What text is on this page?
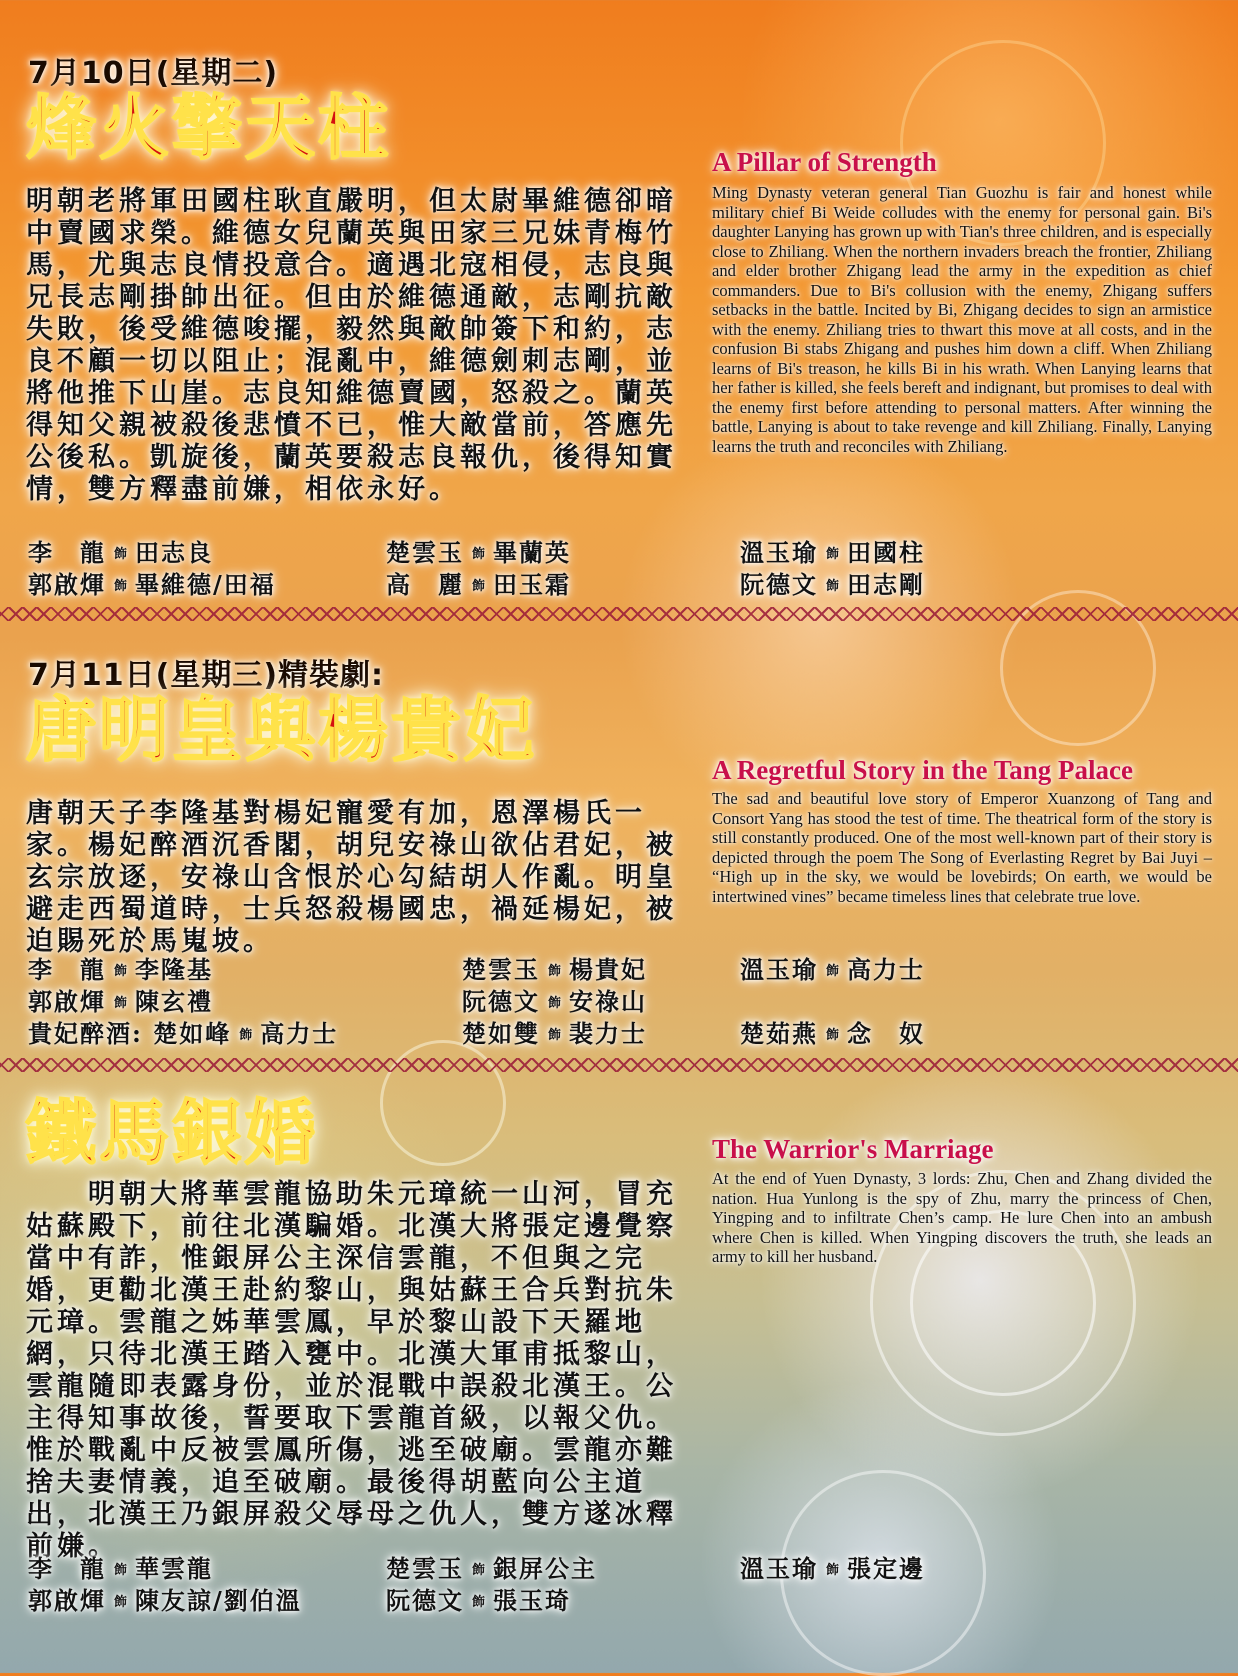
7月10日(星期二)
烽火擎天柱
明朝老將軍田國柱耿直嚴明，但太尉畢維德卻暗中賣國求榮。維德女兒蘭英與田家三兄妹青梅竹馬，尤與志良情投意合。適遇北寇相侵，志良與兄長志剛掛帥出征。但由於維德通敵，志剛抗敵失敗，後受維德唆擺，毅然與敵帥簽下和約，志良不顧一切以阻止；混亂中，維德劍刺志剛，並將他推下山崖。志良知維德賣國，怒殺之。蘭英得知父親被殺後悲憤不已，惟大敵當前，答應先公後私。凱旋後，蘭英要殺志良報仇，後得知實情，雙方釋盡前嫌，相依永好。
A Pillar of Strength
Ming Dynasty veteran general Tian Guozhu is fair and honest while military chief Bi Weide colludes with the enemy for personal gain. Bi's daughter Lanying has grown up with Tian's three children, and is especially close to Zhiliang. When the northern invaders breach the frontier, Zhiliang and elder brother Zhigang lead the army in the expedition as chief commanders. Due to Bi's collusion with the enemy, Zhigang suffers setbacks in the battle. Incited by Bi, Zhigang decides to sign an armistice with the enemy. Zhiliang tries to thwart this move at all costs, and in the confusion Bi stabs Zhigang and pushes him down a cliff. When Zhiliang learns of Bi's treason, he kills Bi in his wrath. When Lanying learns that her father is killed, she feels bereft and indignant, but promises to deal with the enemy first before attending to personal matters. After winning the battle, Lanying is about to take revenge and kill Zhiliang. Finally, Lanying learns the truth and reconciles with Zhiliang.
李　龍 飾 田志良
郭啟煇 飾 畢維德/田福
楚雲玉 飾 畢蘭英
高　麗 飾 田玉霜
溫玉瑜 飾 田國柱
阮德文 飾 田志剛
7月11日(星期三)精裝劇:
唐明皇與楊貴妃
唐朝天子李隆基對楊妃寵愛有加，恩澤楊氏一家。楊妃醉酒沉香閣，胡兒安祿山欲佔君妃，被玄宗放逐，安祿山含恨於心勾結胡人作亂。明皇避走西蜀道時，士兵怒殺楊國忠，禍延楊妃，被迫賜死於馬嵬坡。
A Regretful Story in the Tang Palace
The sad and beautiful love story of Emperor Xuanzong of Tang and Consort Yang has stood the test of time. The theatrical form of the story is still constantly produced. One of the most well-known part of their story is depicted through the poem The Song of Everlasting Regret by Bai Juyi – “High up in the sky, we would be lovebirds; On earth, we would be intertwined vines” became timeless lines that celebrate true love.
李　龍 飾 李隆基
郭啟煇 飾 陳玄禮
貴妃醉酒: 楚如峰 飾 高力士
楚雲玉 飾 楊貴妃
阮德文 飾 安祿山
楚如雙 飾 裴力士
溫玉瑜 飾 高力士
楚茹燕 飾 念　奴
鐵馬銀婚
　　明朝大將華雲龍協助朱元璋統一山河，冒充姑蘇殿下，前往北漢騙婚。北漢大將張定邊覺察當中有詐，惟銀屏公主深信雲龍，不但與之完婚，更勸北漢王赴約黎山，與姑蘇王合兵對抗朱元璋。雲龍之姊華雲鳳，早於黎山設下天羅地網，只待北漢王踏入甕中。北漢大軍甫抵黎山，雲龍隨即表露身份，並於混戰中誤殺北漢王。公主得知事故後，誓要取下雲龍首級，以報父仇。惟於戰亂中反被雲鳳所傷，逃至破廟。雲龍亦難捨夫妻情義，追至破廟。最後得胡藍向公主道出，北漢王乃銀屏殺父辱母之仇人，雙方遂冰釋前嫌。
The Warrior's Marriage
At the end of Yuen Dynasty, 3 lords: Zhu, Chen and Zhang divided the nation. Hua Yunlong is the spy of Zhu, marry the princess of Chen, Yingping and to infiltrate Chen’s camp. He lure Chen into an ambush where Chen is killed. When Yingping discovers the truth, she leads an army to kill her husband.
李　龍 飾 華雲龍
郭啟煇 飾 陳友諒/劉伯溫
楚雲玉 飾 銀屏公主
阮德文 飾 張玉琦
溫玉瑜 飾 張定邊
